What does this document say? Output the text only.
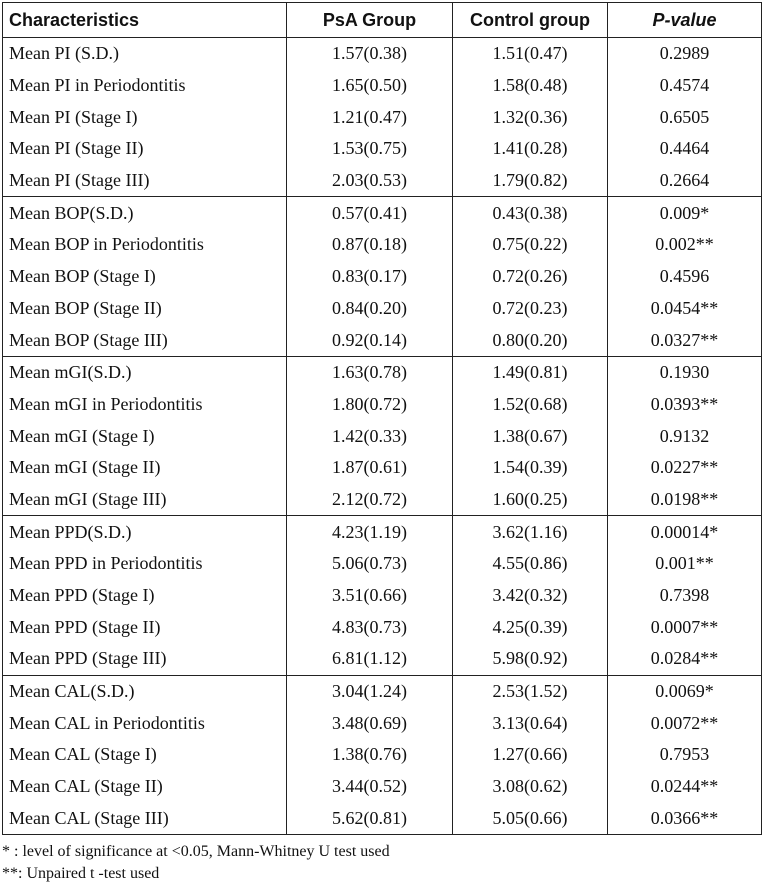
Characteristics	PsA Group	Control group	P-value
Mean PI (S.D.)	1.57(0.38)	1.51(0.47)	0.2989
Mean PI in Periodontitis	1.65(0.50)	1.58(0.48)	0.4574
Mean PI (Stage I)	1.21(0.47)	1.32(0.36)	0.6505
Mean PI (Stage II)	1.53(0.75)	1.41(0.28)	0.4464
Mean PI (Stage III)	2.03(0.53)	1.79(0.82)	0.2664
Mean BOP(S.D.)	0.57(0.41)	0.43(0.38)	0.009*
Mean BOP in Periodontitis	0.87(0.18)	0.75(0.22)	0.002**
Mean BOP (Stage I)	0.83(0.17)	0.72(0.26)	0.4596
Mean BOP (Stage II)	0.84(0.20)	0.72(0.23)	0.0454**
Mean BOP (Stage III)	0.92(0.14)	0.80(0.20)	0.0327**
Mean mGI(S.D.)	1.63(0.78)	1.49(0.81)	0.1930
Mean mGI in Periodontitis	1.80(0.72)	1.52(0.68)	0.0393**
Mean mGI (Stage I)	1.42(0.33)	1.38(0.67)	0.9132
Mean mGI (Stage II)	1.87(0.61)	1.54(0.39)	0.0227**
Mean mGI (Stage III)	2.12(0.72)	1.60(0.25)	0.0198**
Mean PPD(S.D.)	4.23(1.19)	3.62(1.16)	0.00014*
Mean PPD in Periodontitis	5.06(0.73)	4.55(0.86)	0.001**
Mean PPD (Stage I)	3.51(0.66)	3.42(0.32)	0.7398
Mean PPD (Stage II)	4.83(0.73)	4.25(0.39)	0.0007**
Mean PPD (Stage III)	6.81(1.12)	5.98(0.92)	0.0284**
Mean CAL(S.D.)	3.04(1.24)	2.53(1.52)	0.0069*
Mean CAL in Periodontitis	3.48(0.69)	3.13(0.64)	0.0072**
Mean CAL (Stage I)	1.38(0.76)	1.27(0.66)	0.7953
Mean CAL (Stage II)	3.44(0.52)	3.08(0.62)	0.0244**
Mean CAL (Stage III)	5.62(0.81)	5.05(0.66)	0.0366**
* : level of significance at <0.05, Mann-Whitney U test used
**: Unpaired t -test used
